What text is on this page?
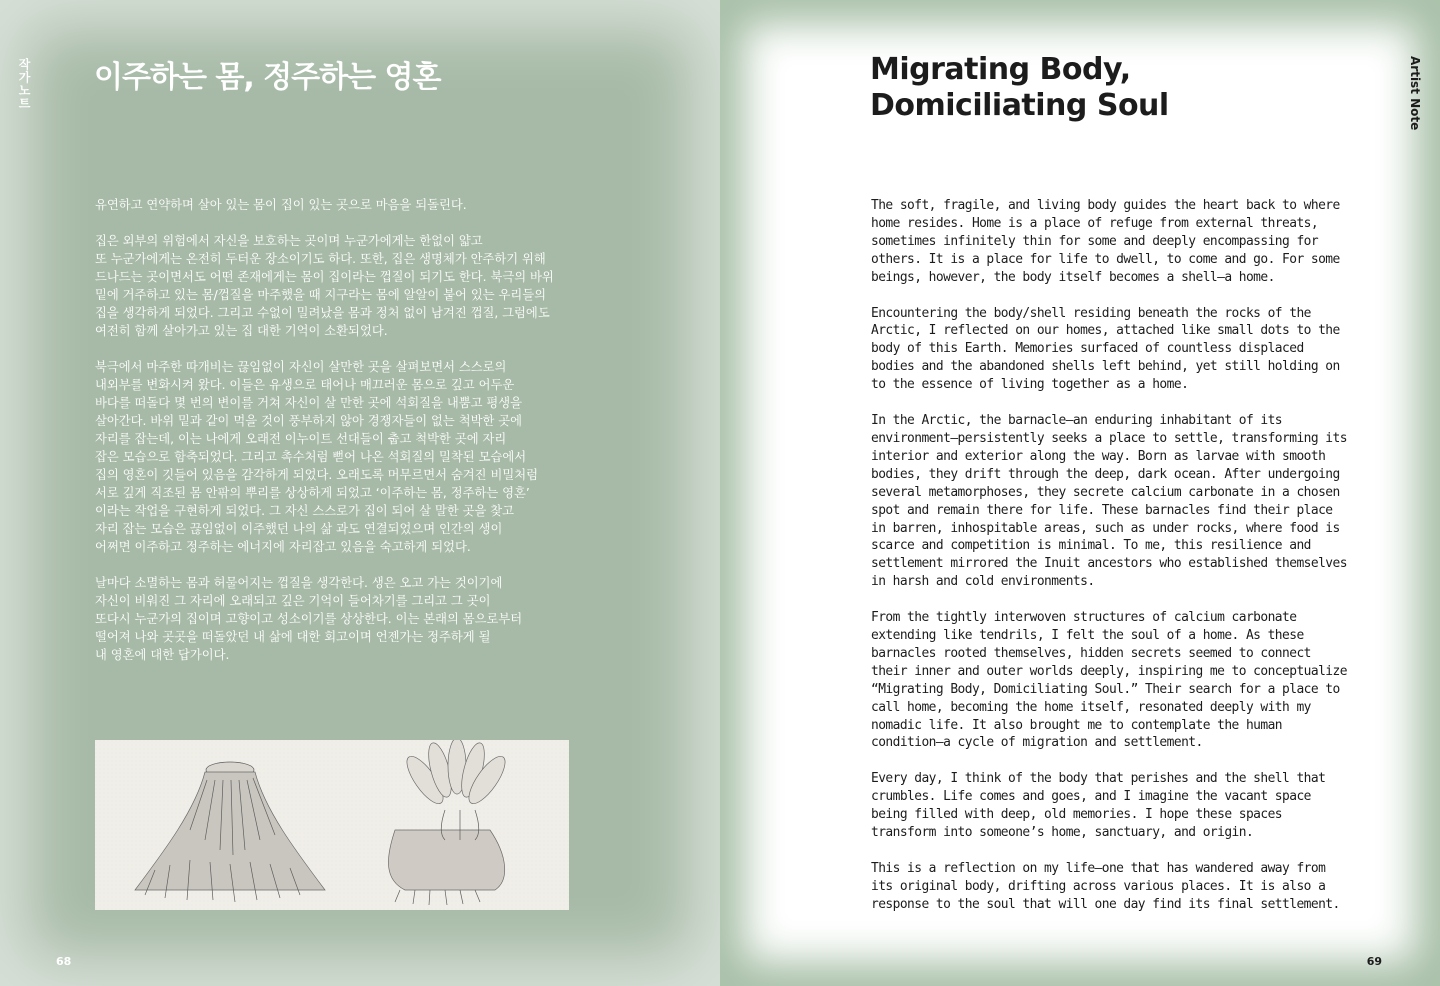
작가노트 이주하는 몸, 정주하는 영혼

유연하고 연약하며 살아 있는 몸이 집이 있는 곳으로 마음을 되돌린다.

집은 외부의 위험에서 자신을 보호하는 곳이며 누군가에게는 한없이 얇고
또 누군가에게는 온전히 두터운 장소이기도 하다. 또한, 집은 생명체가 안주하기 위해
드나드는 곳이면서도 어떤 존재에게는 몸이 집이라는 껍질이 되기도 한다. 북극의 바위
밑에 거주하고 있는 몸/껍질을 마주했을 때 지구라는 몸에 알알이 붙어 있는 우리들의
집을 생각하게 되었다. 그리고 수없이 밀려났을 몸과 정처 없이 남겨진 껍질, 그럼에도
여전히 함께 살아가고 있는 집 대한 기억이 소환되었다.

북극에서 마주한 따개비는 끊임없이 자신이 살만한 곳을 살펴보면서 스스로의
내외부를 변화시켜 왔다. 이들은 유생으로 태어나 매끄러운 몸으로 깊고 어두운
바다를 떠돌다 몇 번의 변이를 거쳐 자신이 살 만한 곳에 석회질을 내뿜고 평생을
살아간다. 바위 밑과 같이 먹을 것이 풍부하지 않아 경쟁자들이 없는 척박한 곳에
자리를 잡는데, 이는 나에게 오래전 이누이트 선대들이 춥고 척박한 곳에 자리
잡은 모습으로 함축되었다. 그리고 촉수처럼 뻗어 나온 석회질의 밀착된 모습에서
집의 영혼이 깃들어 있음을 감각하게 되었다. 오래도록 머무르면서 숨겨진 비밀처럼
서로 깊게 직조된 몸 안팎의 뿌리를 상상하게 되었고 ‘이주하는 몸, 정주하는 영혼’
이라는 작업을 구현하게 되었다. 그 자신 스스로가 집이 되어 살 말한 곳을 찾고
자리 잡는 모습은 끊임없이 이주했던 나의 삶 과도 연결되었으며 인간의 생이
어쩌면 이주하고 정주하는 에너지에 자리잡고 있음을 숙고하게 되었다.

날마다 소멸하는 몸과 허물어지는 껍질을 생각한다. 생은 오고 가는 것이기에
자신이 비워진 그 자리에 오래되고 깊은 기억이 들어차기를 그리고 그 곳이
또다시 누군가의 집이며 고향이고 성소이기를 상상한다. 이는 본래의 몸으로부터
떨어져 나와 곳곳을 떠돌았던 내 삶에 대한 회고이며 언젠가는 정주하게 될
내 영혼에 대한 답가이다.

68
Migrating Body,
Domiciliating Soul	Artist Note

The soft, fragile, and living body guides the heart back to where home resides. Home is a place of refuge from external threats, sometimes infinitely thin for some and deeply encompassing for others. It is a place for life to dwell, to come and go. For some beings, however, the body itself becomes a shell—a home.

Encountering the body/shell residing beneath the rocks of the Arctic, I reflected on our homes, attached like small dots to the body of this Earth. Memories surfaced of countless displaced bodies and the abandoned shells left behind, yet still holding on to the essence of living together as a home.

In the Arctic, the barnacle—an enduring inhabitant of its environment—persistently seeks a place to settle, transforming its interior and exterior along the way. Born as larvae with smooth bodies, they drift through the deep, dark ocean. After undergoing several metamorphoses, they secrete calcium carbonate in a chosen spot and remain there for life. These barnacles find their place in barren, inhospitable areas, such as under rocks, where food is scarce and competition is minimal. To me, this resilience and settlement mirrored the Inuit ancestors who established themselves in harsh and cold environments.

From the tightly interwoven structures of calcium carbonate extending like tendrils, I felt the soul of a home. As these barnacles rooted themselves, hidden secrets seemed to connect their inner and outer worlds deeply, inspiring me to conceptualize “Migrating Body, Domiciliating Soul.” Their search for a place to call home, becoming the home itself, resonated deeply with my nomadic life. It also brought me to contemplate the human condition—a cycle of migration and settlement.

Every day, I think of the body that perishes and the shell that crumbles. Life comes and goes, and I imagine the vacant space being filled with deep, old memories. I hope these spaces transform into someone’s home, sanctuary, and origin.

This is a reflection on my life—one that has wandered away from its original body, drifting across various places. It is also a response to the soul that will one day find its final settlement.

69
